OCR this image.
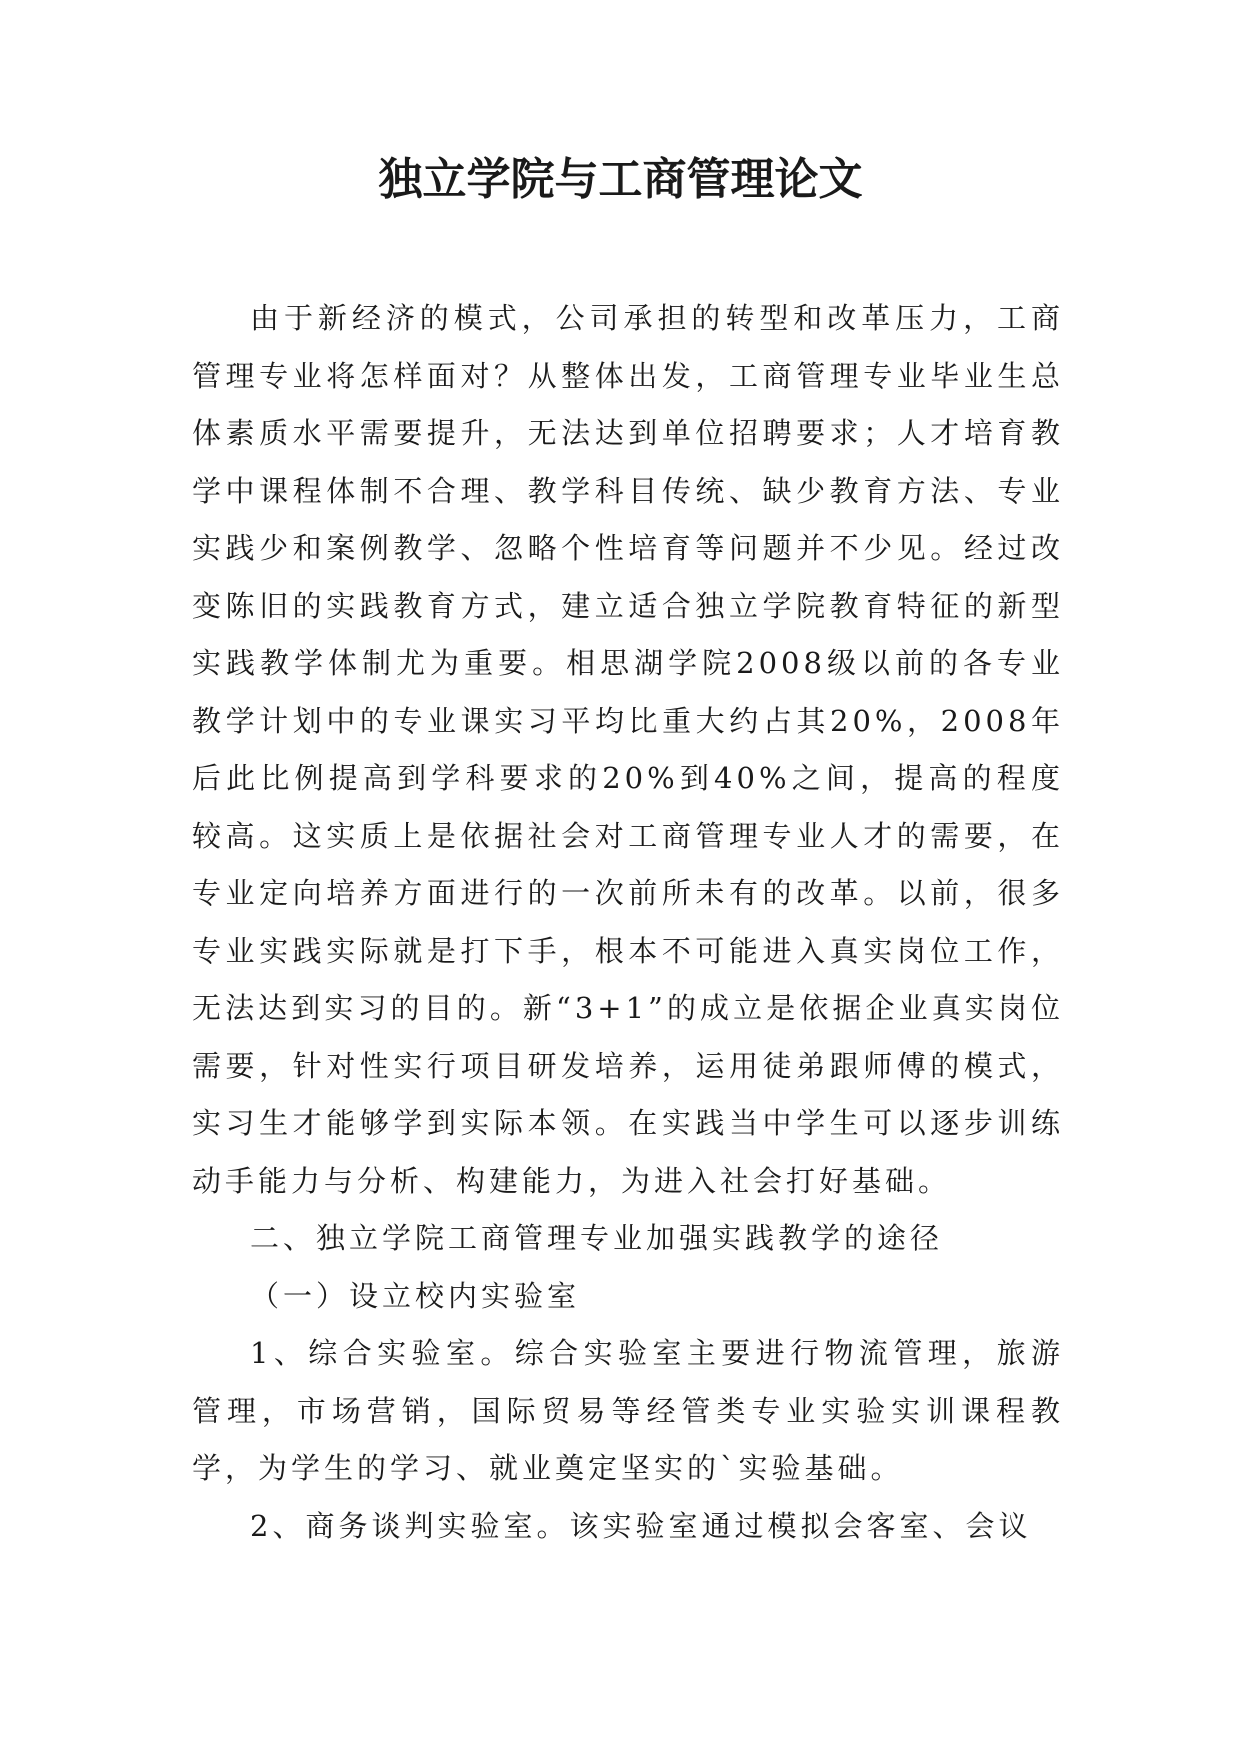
独立学院与工商管理论文

由于新经济的模式，公司承担的转型和改革压力，工商管理专业将怎样面对？从整体出发，工商管理专业毕业生总体素质水平需要提升，无法达到单位招聘要求；人才培育教学中课程体制不合理、教学科目传统、缺少教育方法、专业实践少和案例教学、忽略个性培育等问题并不少见。经过改变陈旧的实践教育方式，建立适合独立学院教育特征的新型实践教学体制尤为重要。相思湖学院2008级以前的各专业教学计划中的专业课实习平均比重大约占其20%，2008年后此比例提高到学科要求的20%到40%之间，提高的程度较高。这实质上是依据社会对工商管理专业人才的需要，在专业定向培养方面进行的一次前所未有的改革。以前，很多专业实践实际就是打下手，根本不可能进入真实岗位工作，无法达到实习的目的。新“3+1”的成立是依据企业真实岗位需要，针对性实行项目研发培养，运用徒弟跟师傅的模式，实习生才能够学到实际本领。在实践当中学生可以逐步训练动手能力与分析、构建能力，为进入社会打好基础。

二、独立学院工商管理专业加强实践教学的途径

（一）设立校内实验室

1、综合实验室。综合实验室主要进行物流管理，旅游管理，市场营销，国际贸易等经管类专业实验实训课程教学，为学生的学习、就业奠定坚实的`实验基础。

2、商务谈判实验室。该实验室通过模拟会客室、会议
